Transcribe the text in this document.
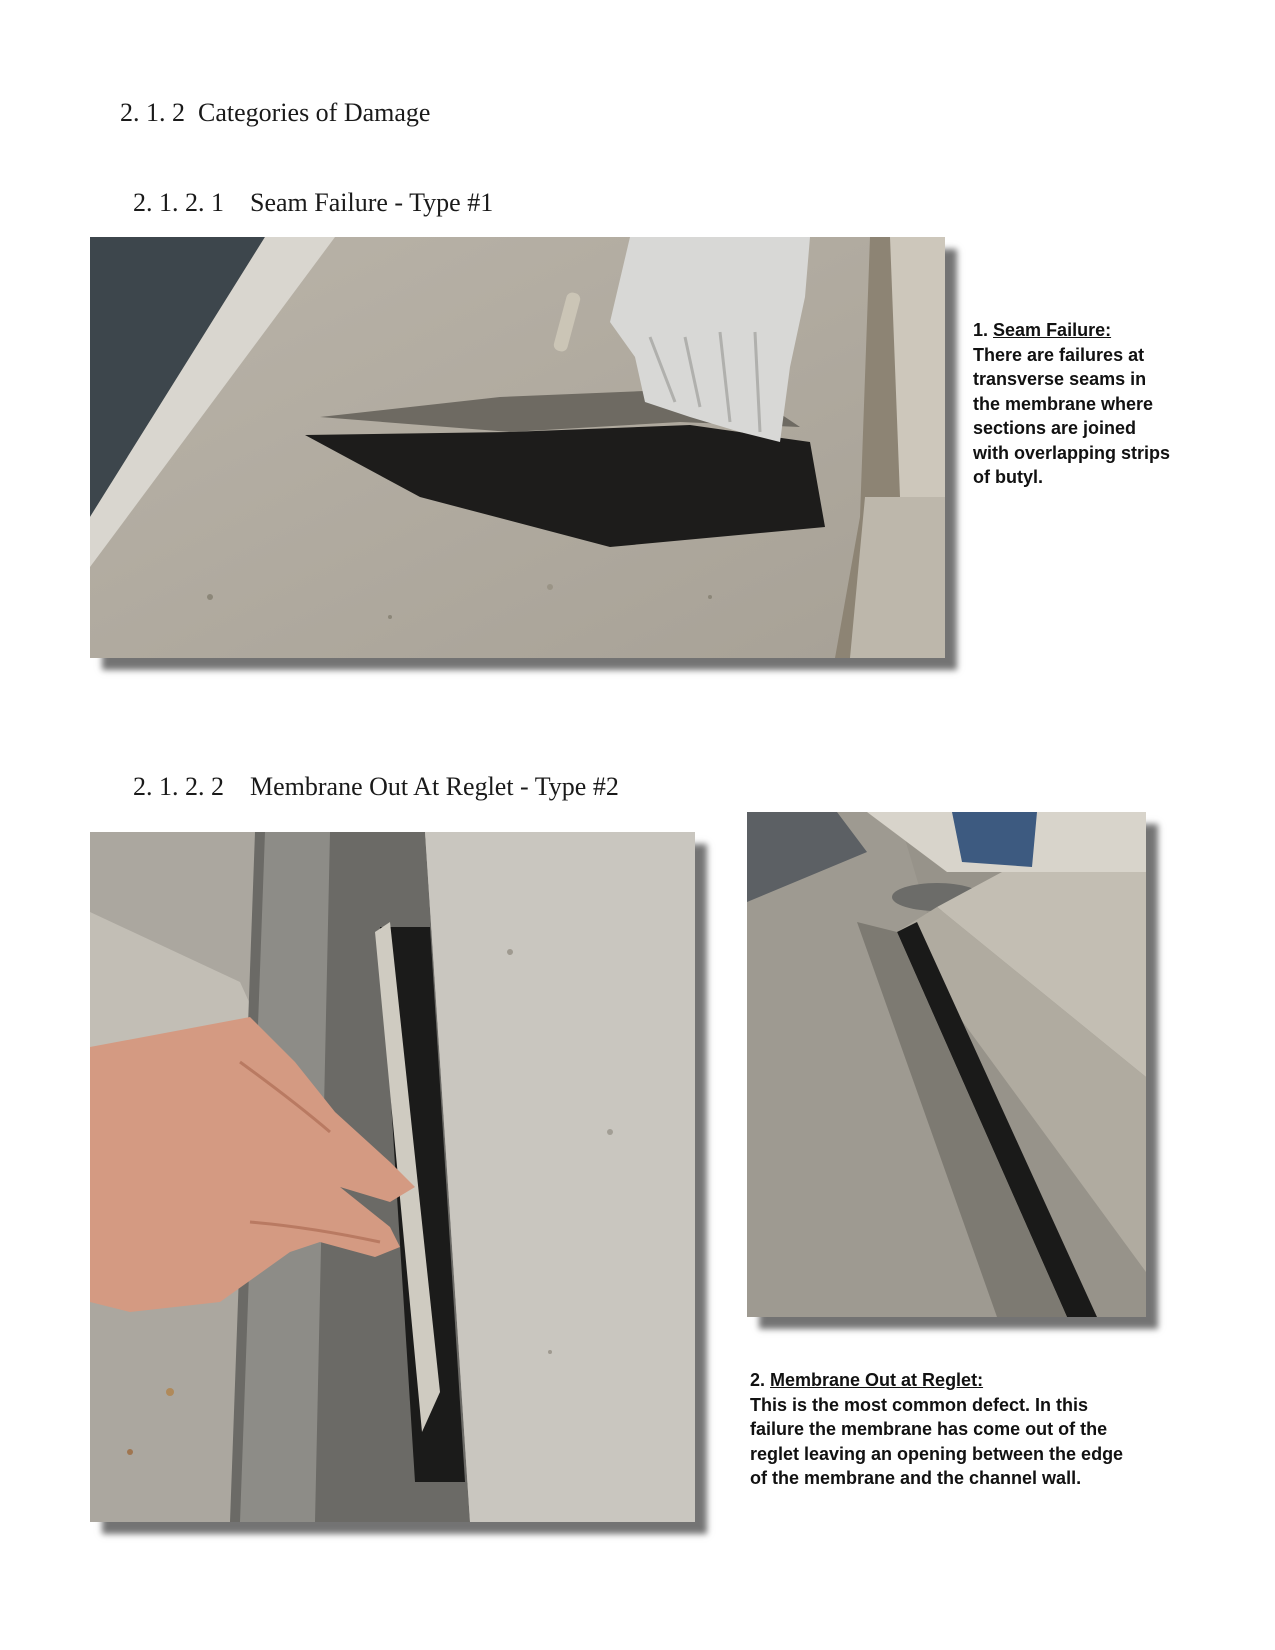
2. 1. 2  Categories of Damage

2. 1. 2. 1 Seam Failure - Type #1

1. Seam Failure:
There are failures at
transverse seams in
the membrane where
sections are joined
with overlapping strips
of butyl.

2. 1. 2. 2 Membrane Out At Reglet - Type #2

2. Membrane Out at Reglet:
This is the most common defect. In this
failure the membrane has come out of the
reglet leaving an opening between the edge
of the membrane and the channel wall.
